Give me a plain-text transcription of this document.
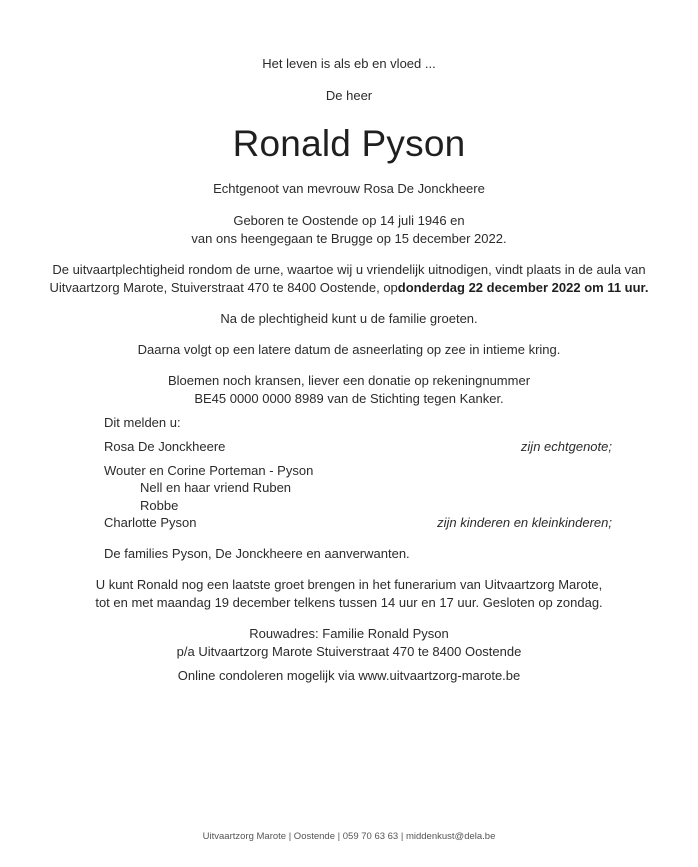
Het leven is als eb en vloed ...
De heer
Ronald Pyson
Echtgenoot van mevrouw Rosa De Jonckheere
Geboren te Oostende op 14 juli 1946 en
van ons heengegaan te Brugge op 15 december 2022.
De uitvaartplechtigheid rondom de urne, waartoe wij u vriendelijk uitnodigen, vindt plaats in de aula van
Uitvaartzorg Marote, Stuiverstraat 470 te 8400 Oostende, opdonderdag 22 december 2022 om 11 uur.
Na de plechtigheid kunt u de familie groeten.
Daarna volgt op een latere datum de asneerlating op zee in intieme kring.
Bloemen noch kransen, liever een donatie op rekeningnummer
BE45 0000 0000 8989 van de Stichting tegen Kanker.
Dit melden u:
Rosa De Jonckheere	zijn echtgenote;
Wouter en Corine Porteman - Pyson
Nell en haar vriend Ruben
Robbe
Charlotte Pyson	zijn kinderen en kleinkinderen;
De families Pyson, De Jonckheere en aanverwanten.
U kunt Ronald nog een laatste groet brengen in het funerarium van Uitvaartzorg Marote,
tot en met maandag 19 december telkens tussen 14 uur en 17 uur. Gesloten op zondag.
Rouwadres: Familie Ronald Pyson
p/a Uitvaartzorg Marote Stuiverstraat 470 te 8400 Oostende
Online condoleren mogelijk via www.uitvaartzorg-marote.be
Uitvaartzorg Marote | Oostende | 059 70 63 63 | middenkust@dela.be
